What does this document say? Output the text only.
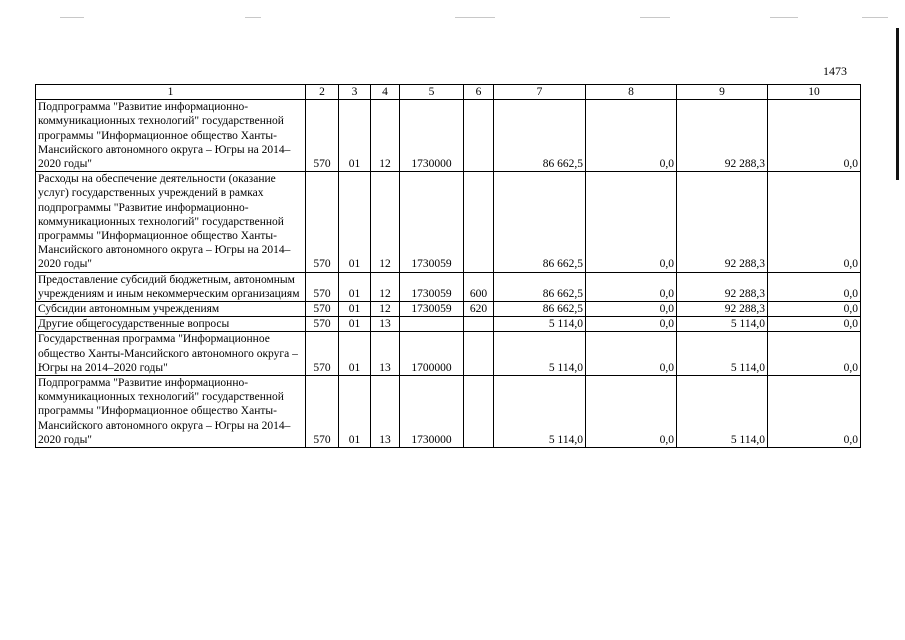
1473
1	2	3	4	5	6	7	8	9	10
Подпрограмма "Развитие информационно-коммуникационных технологий" государственной программы "Информационное общество Ханты-Мансийского автономного округа – Югры на 2014–2020 годы"	570	01	12	1730000		86 662,5	0,0	92 288,3	0,0
Расходы на обеспечение деятельности (оказание услуг) государственных учреждений в рамках подпрограммы "Развитие информационно-коммуникационных технологий" государственной программы "Информационное общество Ханты-Мансийского автономного округа – Югры на 2014–2020 годы"	570	01	12	1730059		86 662,5	0,0	92 288,3	0,0
Предоставление субсидий бюджетным, автономным учреждениям и иным некоммерческим организациям	570	01	12	1730059	600	86 662,5	0,0	92 288,3	0,0
Субсидии автономным учреждениям	570	01	12	1730059	620	86 662,5	0,0	92 288,3	0,0
Другие общегосударственные вопросы	570	01	13			5 114,0	0,0	5 114,0	0,0
Государственная программа "Информационное общество Ханты-Мансийского автономного округа – Югры на 2014–2020 годы"	570	01	13	1700000		5 114,0	0,0	5 114,0	0,0
Подпрограмма "Развитие информационно-коммуникационных технологий" государственной программы "Информационное общество Ханты-Мансийского автономного округа – Югры на 2014–2020 годы"	570	01	13	1730000		5 114,0	0,0	5 114,0	0,0
